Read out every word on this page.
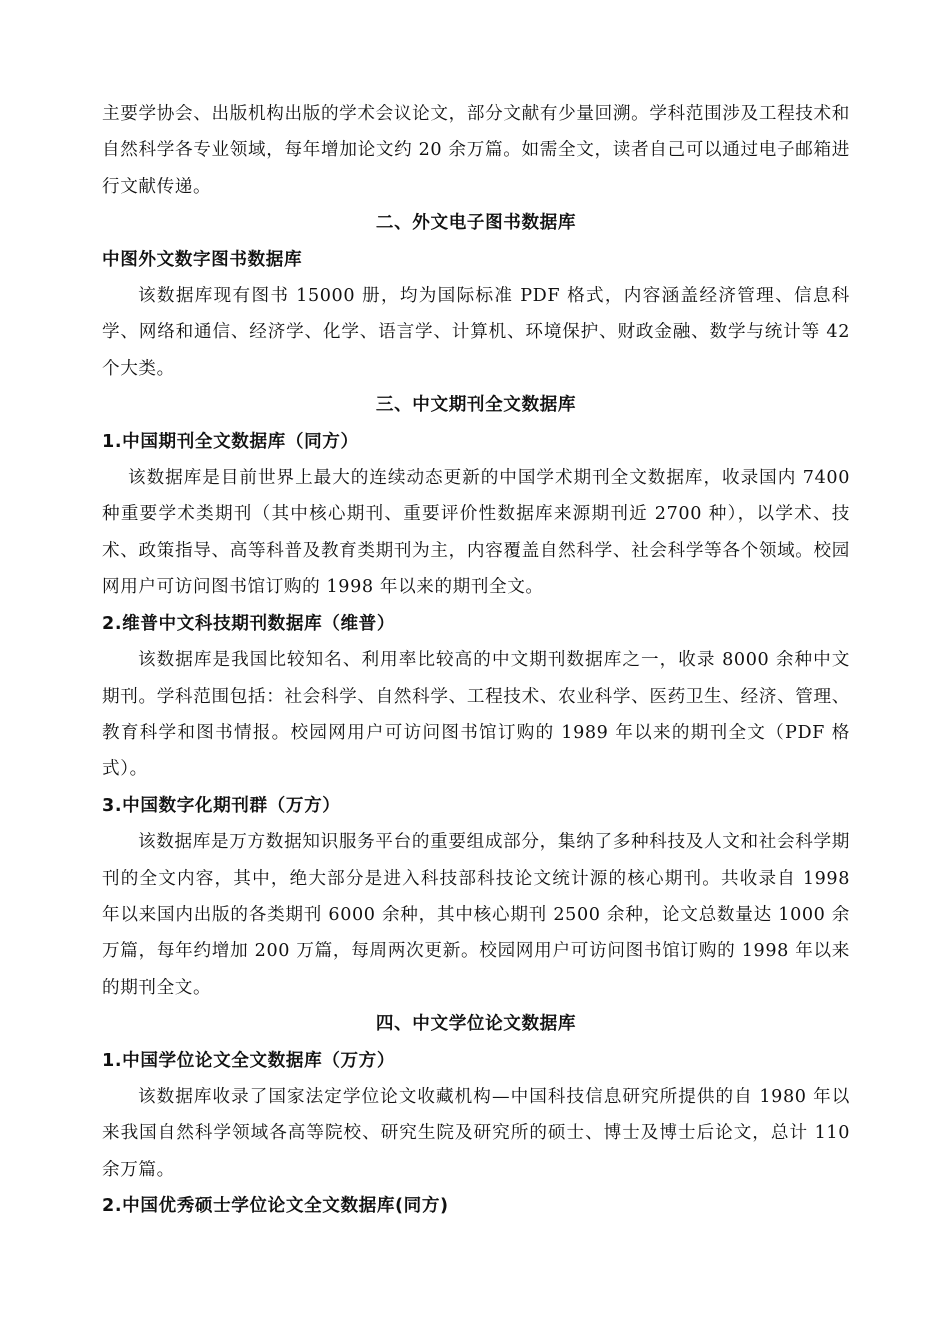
主要学协会、出版机构出版的学术会议论文，部分文献有少量回溯。学科范围涉及工程技术和自然科学各专业领域，每年增加论文约 20 余万篇。如需全文，读者自己可以通过电子邮箱进行文献传递。

二、外文电子图书数据库
中图外文数字图书数据库

该数据库现有图书 15000 册，均为国际标准 PDF 格式，内容涵盖经济管理、信息科学、网络和通信、经济学、化学、语言学、计算机、环境保护、财政金融、数学与统计等 42 个大类。

三、中文期刊全文数据库
1.中国期刊全文数据库（同方）

该数据库是目前世界上最大的连续动态更新的中国学术期刊全文数据库，收录国内 7400 种重要学术类期刊（其中核心期刊、重要评价性数据库来源期刊近 2700 种），以学术、技术、政策指导、高等科普及教育类期刊为主，内容覆盖自然科学、社会科学等各个领域。校园网用户可访问图书馆订购的 1998 年以来的期刊全文。

2.维普中文科技期刊数据库（维普）

该数据库是我国比较知名、利用率比较高的中文期刊数据库之一，收录 8000 余种中文期刊。学科范围包括：社会科学、自然科学、工程技术、农业科学、医药卫生、经济、管理、教育科学和图书情报。校园网用户可访问图书馆订购的 1989 年以来的期刊全文（PDF 格式）。

3.中国数字化期刊群（万方）

该数据库是万方数据知识服务平台的重要组成部分，集纳了多种科技及人文和社会科学期刊的全文内容，其中，绝大部分是进入科技部科技论文统计源的核心期刊。共收录自 1998 年以来国内出版的各类期刊 6000 余种，其中核心期刊 2500 余种，论文总数量达 1000 余万篇，每年约增加 200 万篇，每周两次更新。校园网用户可访问图书馆订购的 1998 年以来的期刊全文。

四、中文学位论文数据库
1.中国学位论文全文数据库（万方）

该数据库收录了国家法定学位论文收藏机构—中国科技信息研究所提供的自 1980 年以来我国自然科学领域各高等院校、研究生院及研究所的硕士、博士及博士后论文，总计 110 余万篇。

2.中国优秀硕士学位论文全文数据库(同方)
